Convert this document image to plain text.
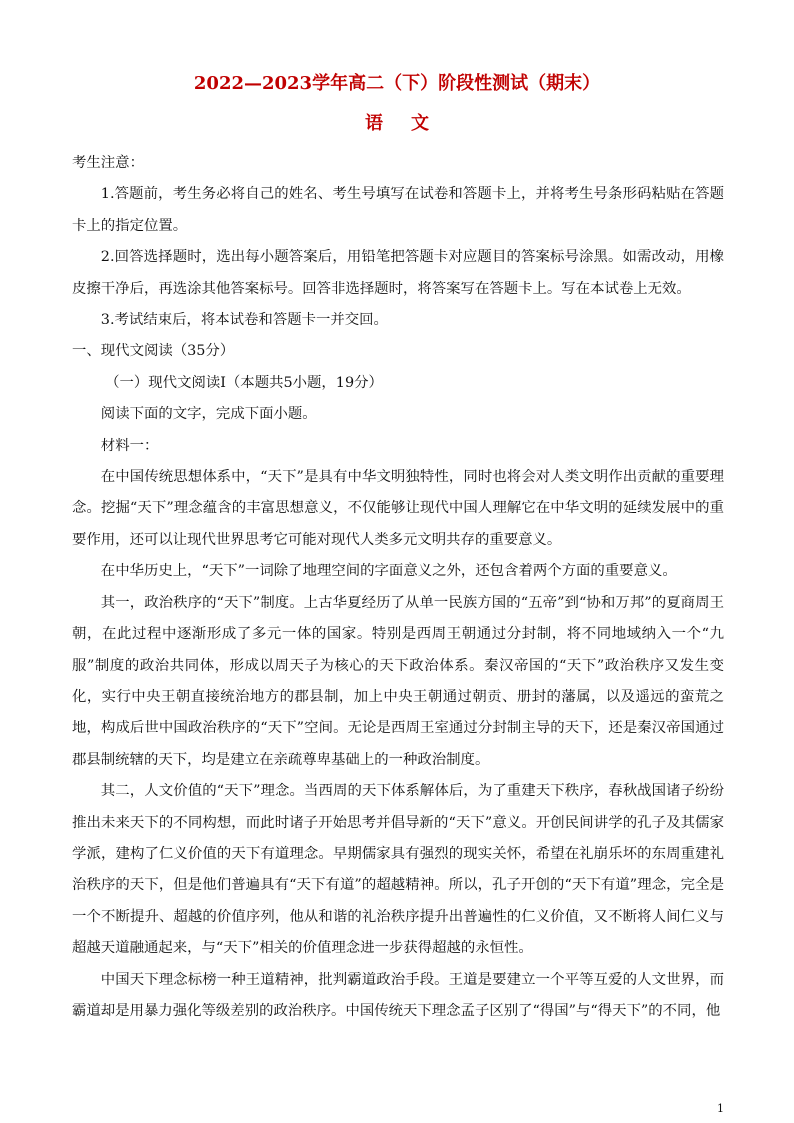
2022—2023学年高二（下）阶段性测试（期末）
语文

考生注意：

1.答题前，考生务必将自己的姓名、考生号填写在试卷和答题卡上，并将考生号条形码粘贴在答题卡上的指定位置。

2.回答选择题时，选出每小题答案后，用铅笔把答题卡对应题目的答案标号涂黑。如需改动，用橡皮擦干净后，再选涂其他答案标号。回答非选择题时，将答案写在答题卡上。写在本试卷上无效。

3.考试结束后，将本试卷和答题卡一并交回。

一、现代文阅读（35分）

（一）现代文阅读Ⅰ（本题共5小题，19分）

阅读下面的文字，完成下面小题。

材料一：

在中国传统思想体系中，“天下”是具有中华文明独特性，同时也将会对人类文明作出贡献的重要理念。挖掘“天下”理念蕴含的丰富思想意义，不仅能够让现代中国人理解它在中华文明的延续发展中的重要作用，还可以让现代世界思考它可能对现代人类多元文明共存的重要意义。

在中华历史上，“天下”一词除了地理空间的字面意义之外，还包含着两个方面的重要意义。

其一，政治秩序的“天下”制度。上古华夏经历了从单一民族方国的“五帝”到“协和万邦”的夏商周王朝，在此过程中逐渐形成了多元一体的国家。特别是西周王朝通过分封制，将不同地域纳入一个“九服”制度的政治共同体，形成以周天子为核心的天下政治体系。秦汉帝国的“天下”政治秩序又发生变化，实行中央王朝直接统治地方的郡县制，加上中央王朝通过朝贡、册封的藩属，以及遥远的蛮荒之地，构成后世中国政治秩序的“天下”空间。无论是西周王室通过分封制主导的天下，还是秦汉帝国通过郡县制统辖的天下，均是建立在亲疏尊卑基础上的一种政治制度。

其二，人文价值的“天下”理念。当西周的天下体系解体后，为了重建天下秩序，春秋战国诸子纷纷推出未来天下的不同构想，而此时诸子开始思考并倡导新的“天下”意义。开创民间讲学的孔子及其儒家学派，建构了仁义价值的天下有道理念。早期儒家具有强烈的现实关怀，希望在礼崩乐坏的东周重建礼治秩序的天下，但是他们普遍具有“天下有道”的超越精神。所以，孔子开创的“天下有道”理念，完全是一个不断提升、超越的价值序列，他从和谐的礼治秩序提升出普遍性的仁义价值，又不断将人间仁义与超越天道融通起来，与“天下”相关的价值理念进一步获得超越的永恒性。

中国天下理念标榜一种王道精神，批判霸道政治手段。王道是要建立一个平等互爱的人文世界，而霸道却是用暴力强化等级差别的政治秩序。中国传统天下理念孟子区别了“得国”与“得天下”的不同，他

1
